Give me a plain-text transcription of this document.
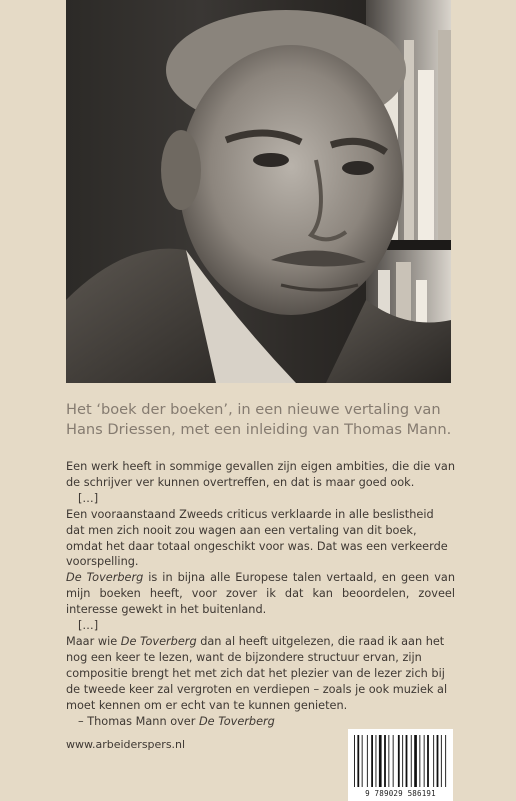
Het ‘boek der boeken’, in een nieuwe vertaling van Hans Driessen, met een inleiding van Thomas Mann.

Een werk heeft in sommige gevallen zijn eigen ambities, die die van de schrijver ver kunnen overtreffen, en dat is maar goed ook.

[…]

Een vooraanstaand Zweeds criticus verklaarde in alle beslistheid dat men zich nooit zou wagen aan een vertaling van dit boek, omdat het daar totaal ongeschikt voor was. Dat was een verkeerde voorspelling.

De Toverberg is in bijna alle Europese talen vertaald, en geen van mijn boeken heeft, voor zover ik dat kan beoordelen, zoveel interesse gewekt in het buitenland.

[…]

Maar wie De Toverberg dan al heeft uitgelezen, die raad ik aan het nog een keer te lezen, want de bijzondere structuur ervan, zijn compositie brengt het met zich dat het plezier van de lezer zich bij de tweede keer zal vergroten en verdiepen – zoals je ook muziek al moet kennen om er echt van te kunnen genieten.

– Thomas Mann over De Toverberg

www.arbeiderspers.nl
9 789029 586191
